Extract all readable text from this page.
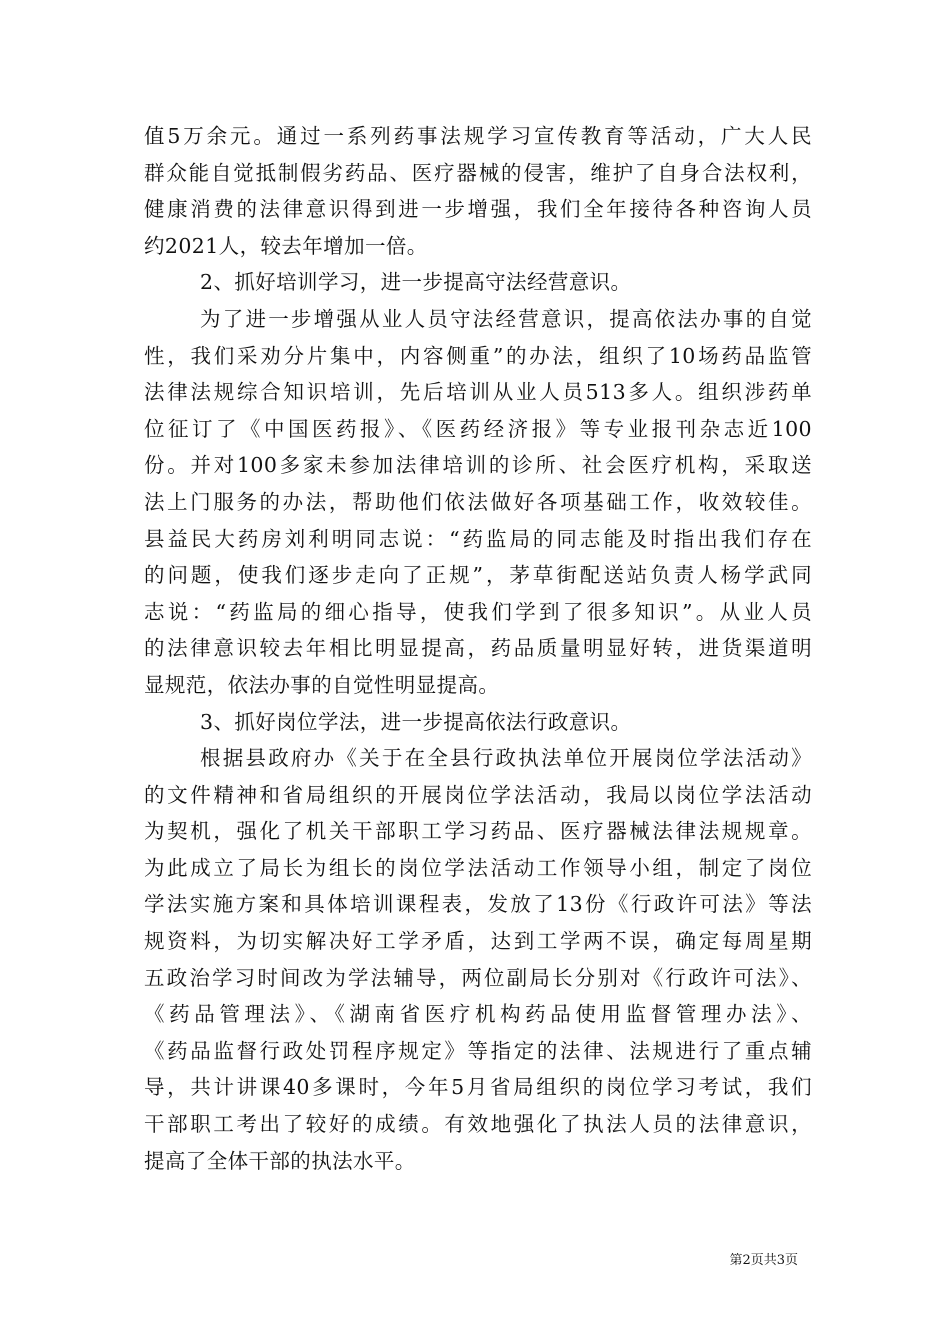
值5万余元。通过一系列药事法规学习宣传教育等活动，广大人民
群众能自觉抵制假劣药品、医疗器械的侵害，维护了自身合法权利，
健康消费的法律意识得到进一步增强，我们全年接待各种咨询人员
约2021人，较去年增加一倍。
2、抓好培训学习，进一步提高守法经营意识。
为了进一步增强从业人员守法经营意识，提高依法办事的自觉
性，我们采劝分片集中，内容侧重”的办法，组织了10场药品监管
法律法规综合知识培训，先后培训从业人员513多人。组织涉药单
位征订了《中国医药报》、《医药经济报》等专业报刊杂志近100
份。并对100多家未参加法律培训的诊所、社会医疗机构，采取送
法上门服务的办法，帮助他们依法做好各项基础工作，收效较佳。
县益民大药房刘利明同志说：“药监局的同志能及时指出我们存在
的问题，使我们逐步走向了正规”，茅草街配送站负责人杨学武同
志说：“药监局的细心指导，使我们学到了很多知识”。从业人员
的法律意识较去年相比明显提高，药品质量明显好转，进货渠道明
显规范，依法办事的自觉性明显提高。
3、抓好岗位学法，进一步提高依法行政意识。
根据县政府办《关于在全县行政执法单位开展岗位学法活动》
的文件精神和省局组织的开展岗位学法活动，我局以岗位学法活动
为契机，强化了机关干部职工学习药品、医疗器械法律法规规章。
为此成立了局长为组长的岗位学法活动工作领导小组，制定了岗位
学法实施方案和具体培训课程表，发放了13份《行政许可法》等法
规资料，为切实解决好工学矛盾，达到工学两不误，确定每周星期
五政治学习时间改为学法辅导，两位副局长分别对《行政许可法》、
《药品管理法》、《湖南省医疗机构药品使用监督管理办法》、
《药品监督行政处罚程序规定》等指定的法律、法规进行了重点辅
导，共计讲课40多课时，今年5月省局组织的岗位学习考试，我们
干部职工考出了较好的成绩。有效地强化了执法人员的法律意识，
提高了全体干部的执法水平。
第2页共3页
